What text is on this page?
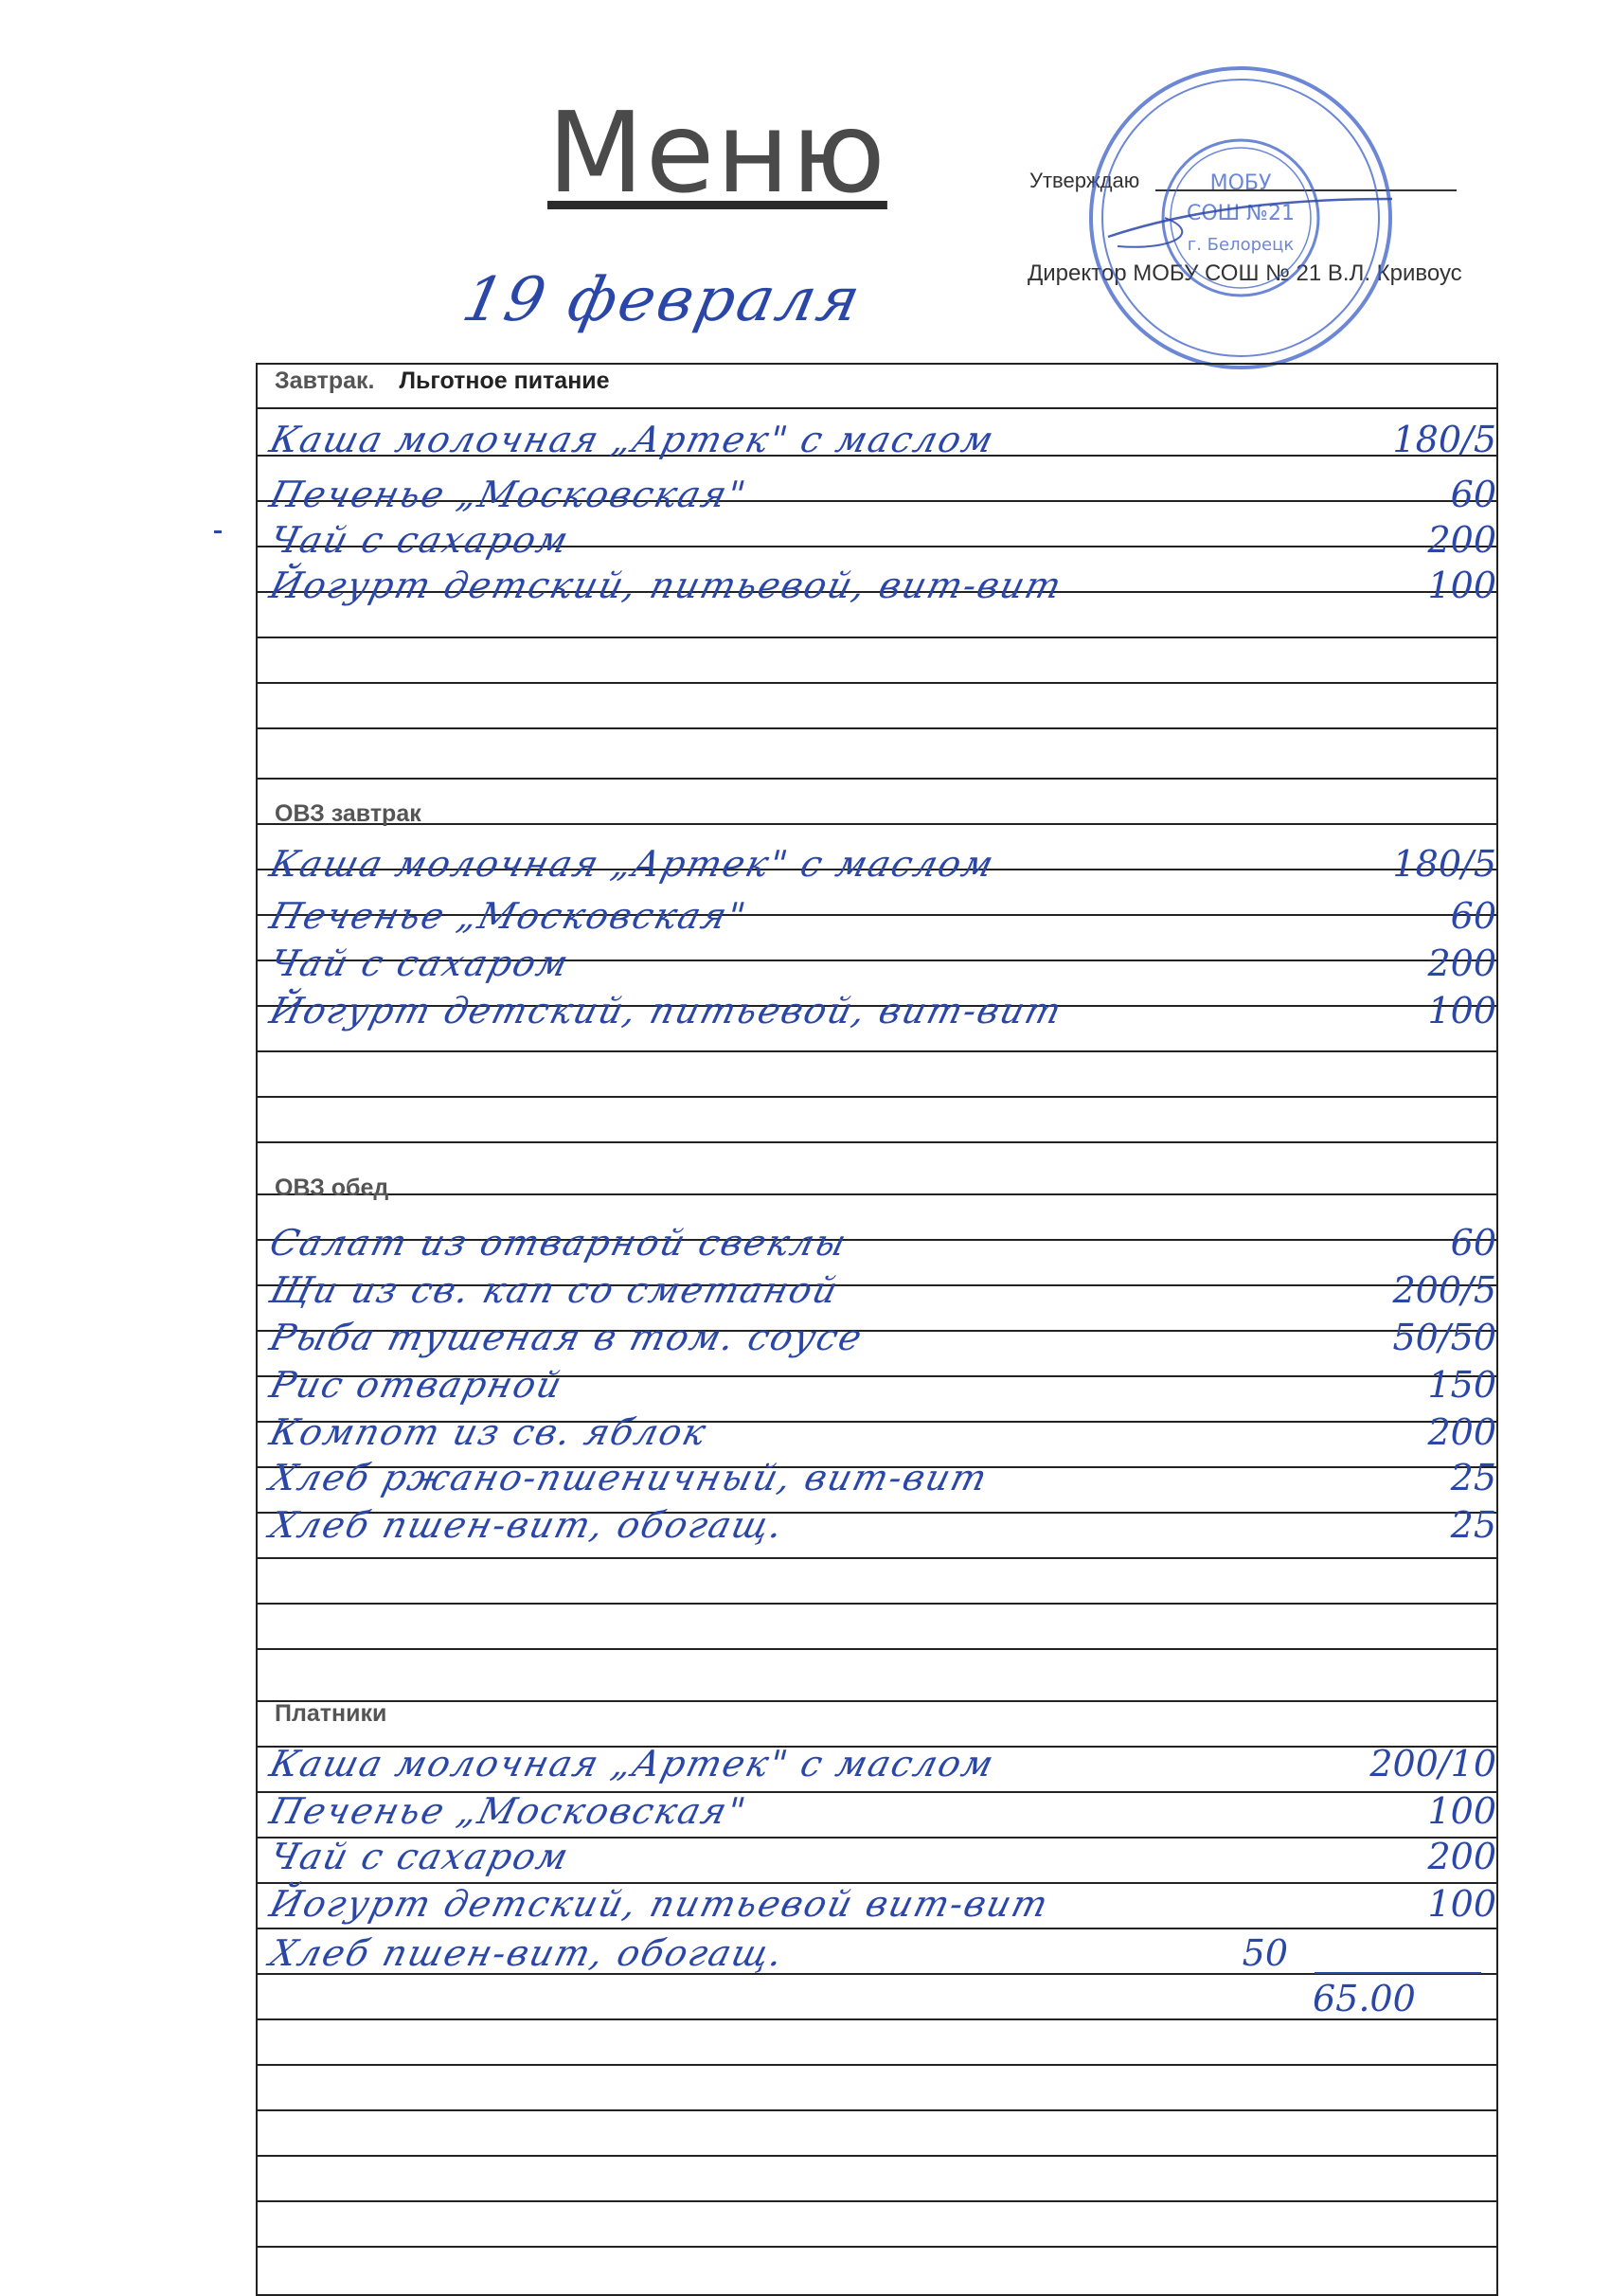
Меню	Утверждаю
Директор МОБУ СОШ № 21 В.Л. Кривоус
МОБУ
СОШ №21
г. Белорецк
19 февраля
Завтрак. Льготное питание
ОВЗ завтрак
ОВЗ обед
Платники
Каша молочная „Артек" с маслом	180/5
Печенье „Московская"	60
Чай с сахаром	200
Йогурт детский, питьевой, вит-вит	100
Каша молочная „Артек" с маслом	180/5
Печенье „Московская"	60
Чай с сахаром	200
Йогурт детский, питьевой, вит-вит	100
Салат из отварной свеклы	60
Щи из св. кап со сметаной	200/5
Рыба тушеная в том. соусе	50/50
Рис отварной	150
Компот из св. яблок	200
Хлеб ржано-пшеничный, вит-вит	25
Хлеб пшен-вит, обогащ.	25
Каша молочная „Артек" с маслом	200/10
Печенье „Московская"	100
Чай с сахаром	200
Йогурт детский, питьевой вит-вит	100
Хлеб пшен-вит, обогащ.	50
65.00
